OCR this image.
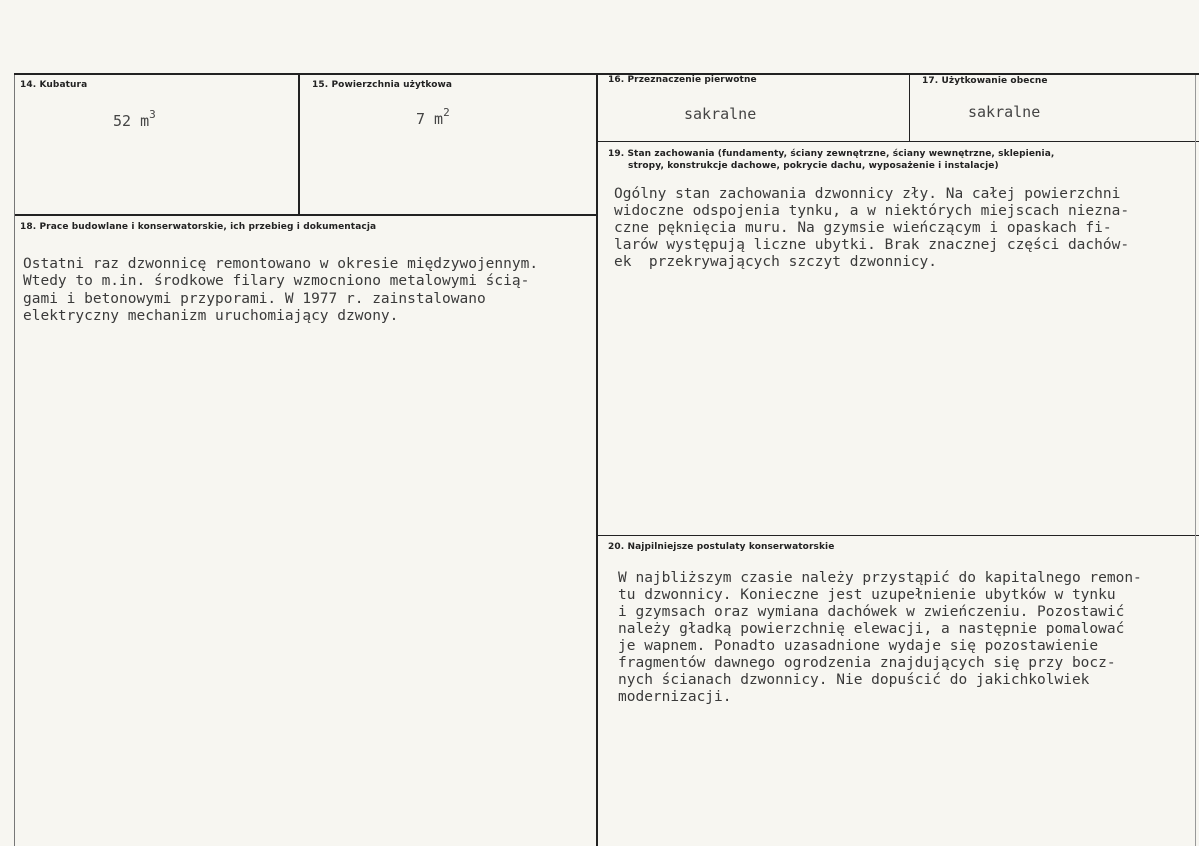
14. Kubatura
52 $m^3$
15. Powierzchnia użytkowa
7 $m^2$
16. Przeznaczenie pierwotne
sakralne
17. Użytkowanie obecne
sakralne
18. Prace budowlane i konserwatorskie, ich przebieg i dokumentacja
Ostatni raz dzwonnicę remontowano w okresie międzywojennym.
Wtedy to m.in. środkowe filary wzmocniono metalowymi ścią-
gami i betonowymi przyporami. W 1977 r. zainstalowano
elektryczny mechanizm uruchomiający dzwony.
19. Stan zachowania (fundamenty, ściany zewnętrzne, ściany wewnętrzne, sklepienia,
stropy, konstrukcje dachowe, pokrycie dachu, wyposażenie i instalacje)
Ogólny stan zachowania dzwonnicy zły. Na całej powierzchni
widoczne odspojenia tynku, a w niektórych miejscach niezna-
czne pęknięcia muru. Na gzymsie wieńczącym i opaskach fi-
larów występują liczne ubytki. Brak znacznej części dachów-
ek  przekrywających szczyt dzwonnicy.
20. Najpilniejsze postulaty konserwatorskie
W najbliższym czasie należy przystąpić do kapitalnego remon-
tu dzwonnicy. Konieczne jest uzupełnienie ubytków w tynku
i gzymsach oraz wymiana dachówek w zwieńczeniu. Pozostawić
należy gładką powierzchnię elewacji, a następnie pomalować
je wapnem. Ponadto uzasadnione wydaje się pozostawienie
fragmentów dawnego ogrodzenia znajdujących się przy bocz-
nych ścianach dzwonnicy. Nie dopuścić do jakichkolwiek
modernizacji.
